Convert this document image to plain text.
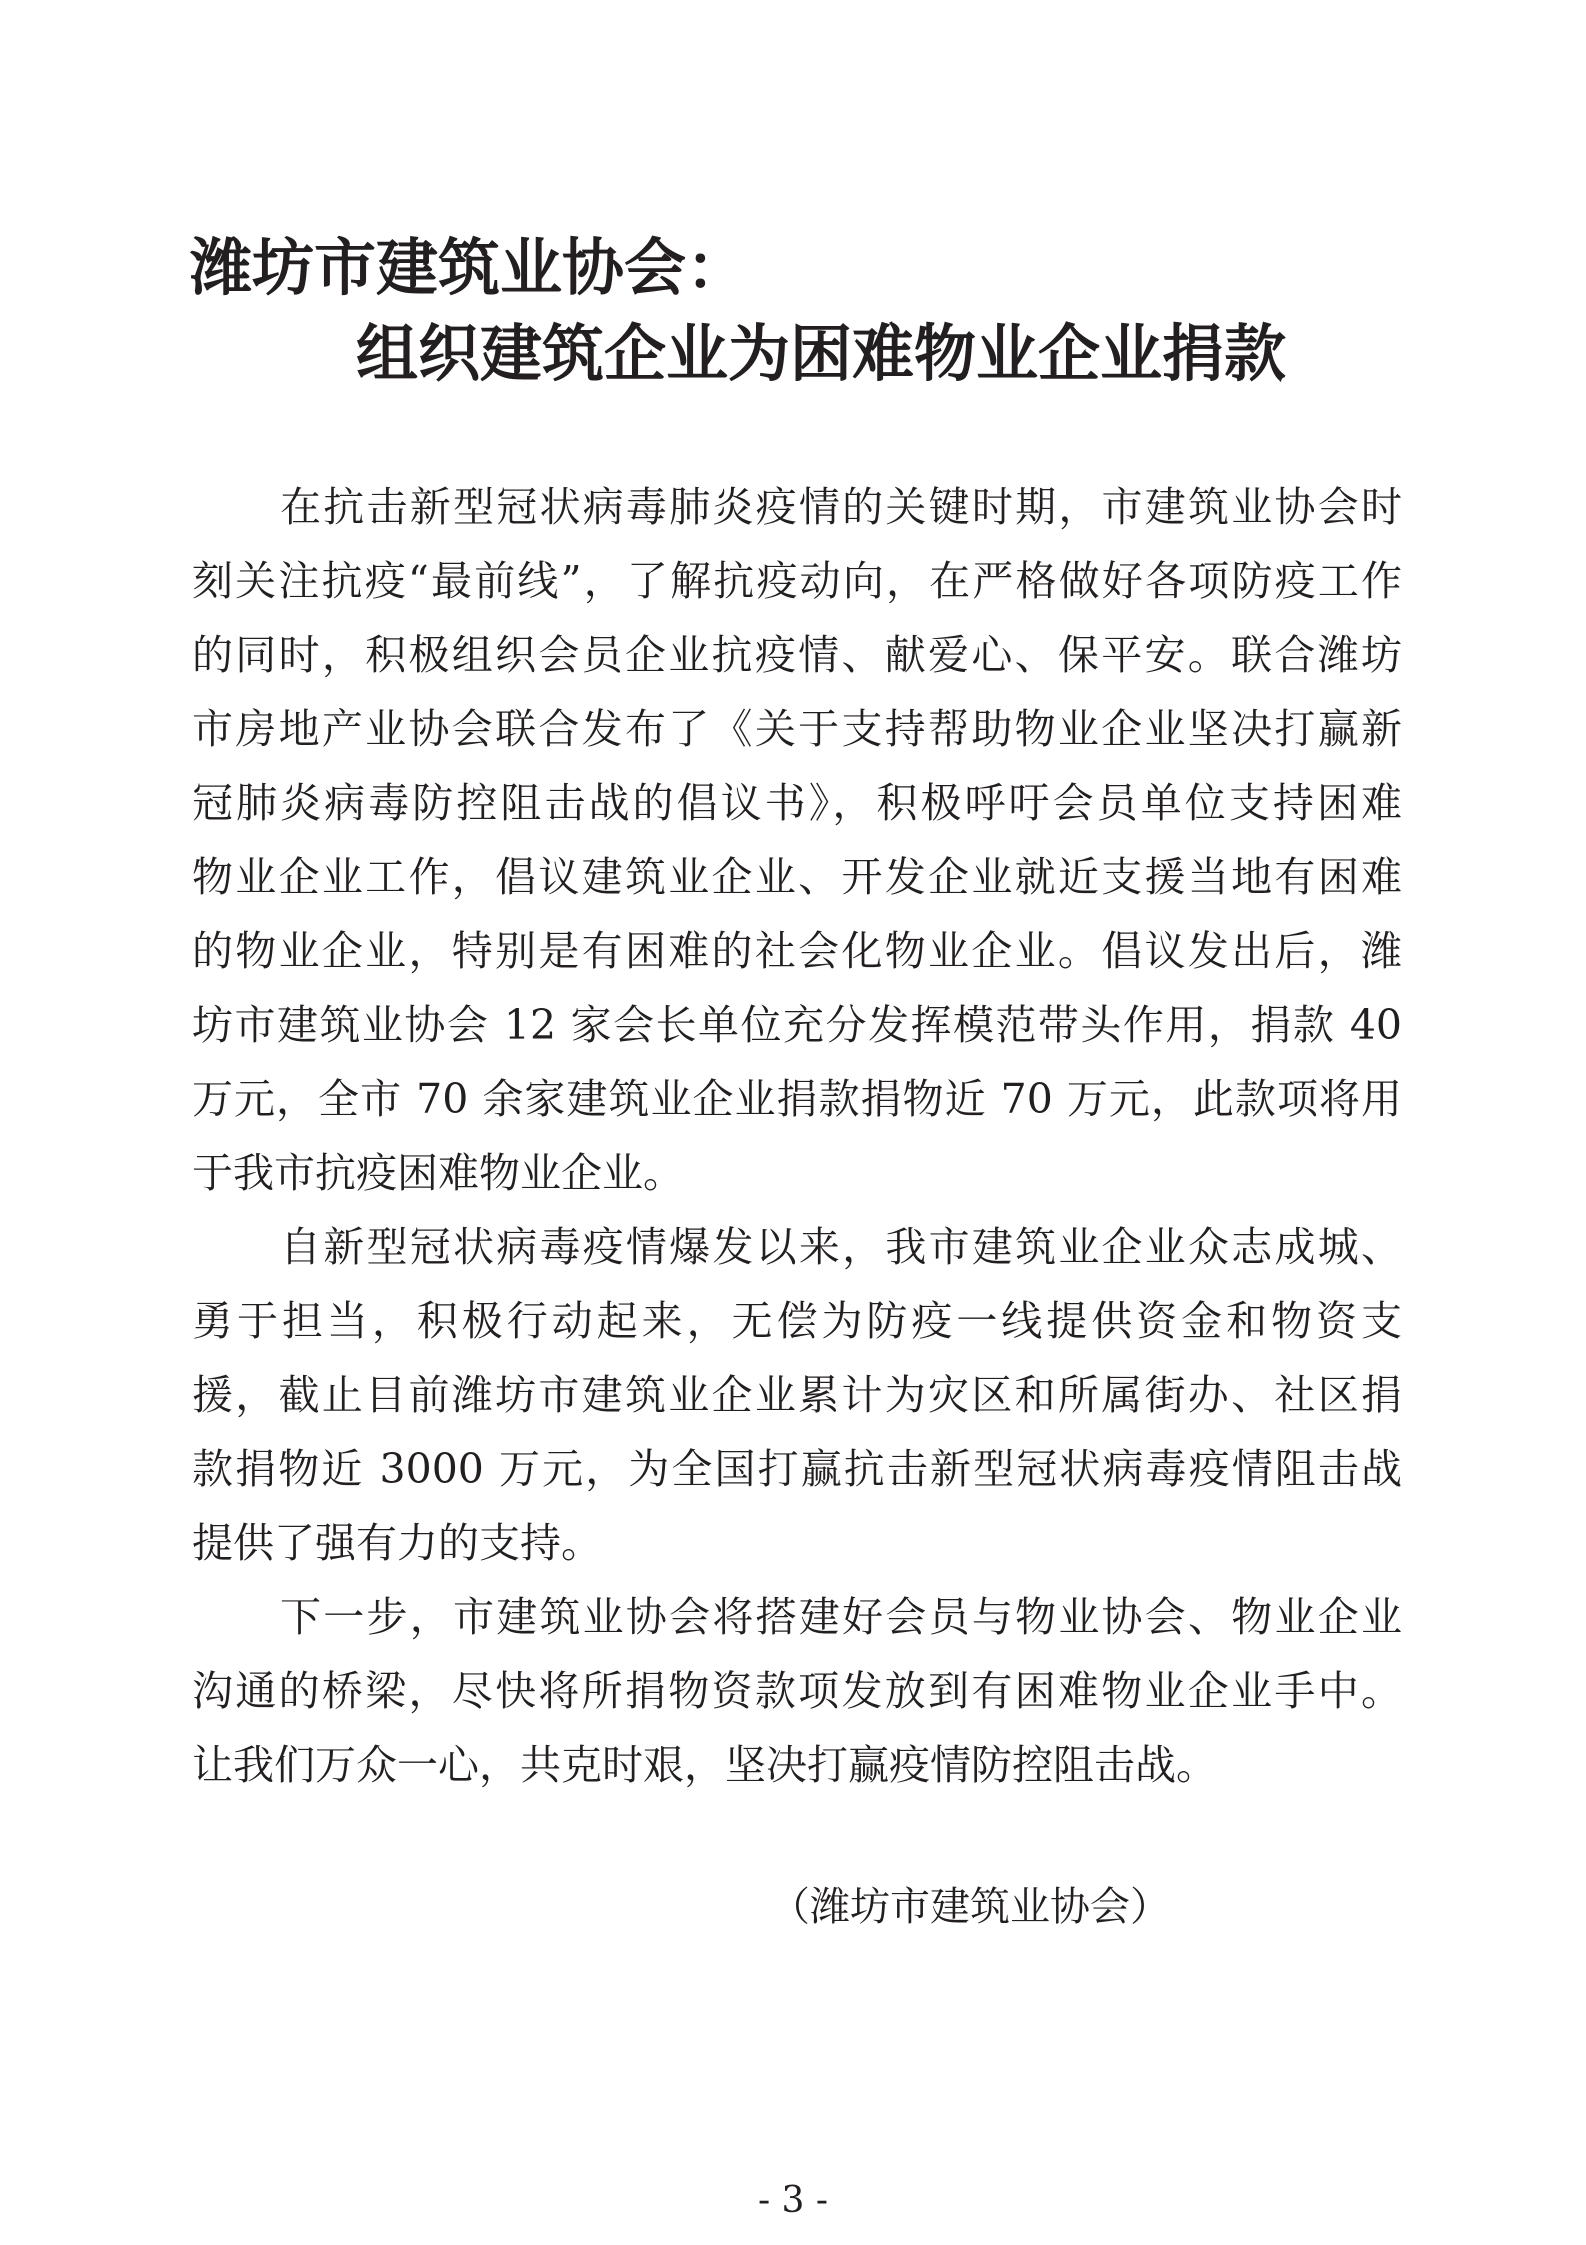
潍坊市建筑业协会：
组织建筑企业为困难物业企业捐款
在抗击新型冠状病毒肺炎疫情的关键时期，市建筑业协会时
刻关注抗疫“最前线”，了解抗疫动向，在严格做好各项防疫工作
的同时，积极组织会员企业抗疫情、献爱心、保平安。联合潍坊
市房地产业协会联合发布了《关于支持帮助物业企业坚决打赢新
冠肺炎病毒防控阻击战的倡议书》，积极呼吁会员单位支持困难
物业企业工作，倡议建筑业企业、开发企业就近支援当地有困难
的物业企业，特别是有困难的社会化物业企业。倡议发出后，潍
坊市建筑业协会 12 家会长单位充分发挥模范带头作用，捐款 40
万元，全市 70 余家建筑业企业捐款捐物近 70 万元，此款项将用
于我市抗疫困难物业企业。
自新型冠状病毒疫情爆发以来，我市建筑业企业众志成城、
勇于担当，积极行动起来，无偿为防疫一线提供资金和物资支
援，截止目前潍坊市建筑业企业累计为灾区和所属街办、社区捐
款捐物近 3000 万元，为全国打赢抗击新型冠状病毒疫情阻击战
提供了强有力的支持。
下一步，市建筑业协会将搭建好会员与物业协会、物业企业
沟通的桥梁，尽快将所捐物资款项发放到有困难物业企业手中。
让我们万众一心，共克时艰，坚决打赢疫情防控阻击战。
（潍坊市建筑业协会）
- 3 -
